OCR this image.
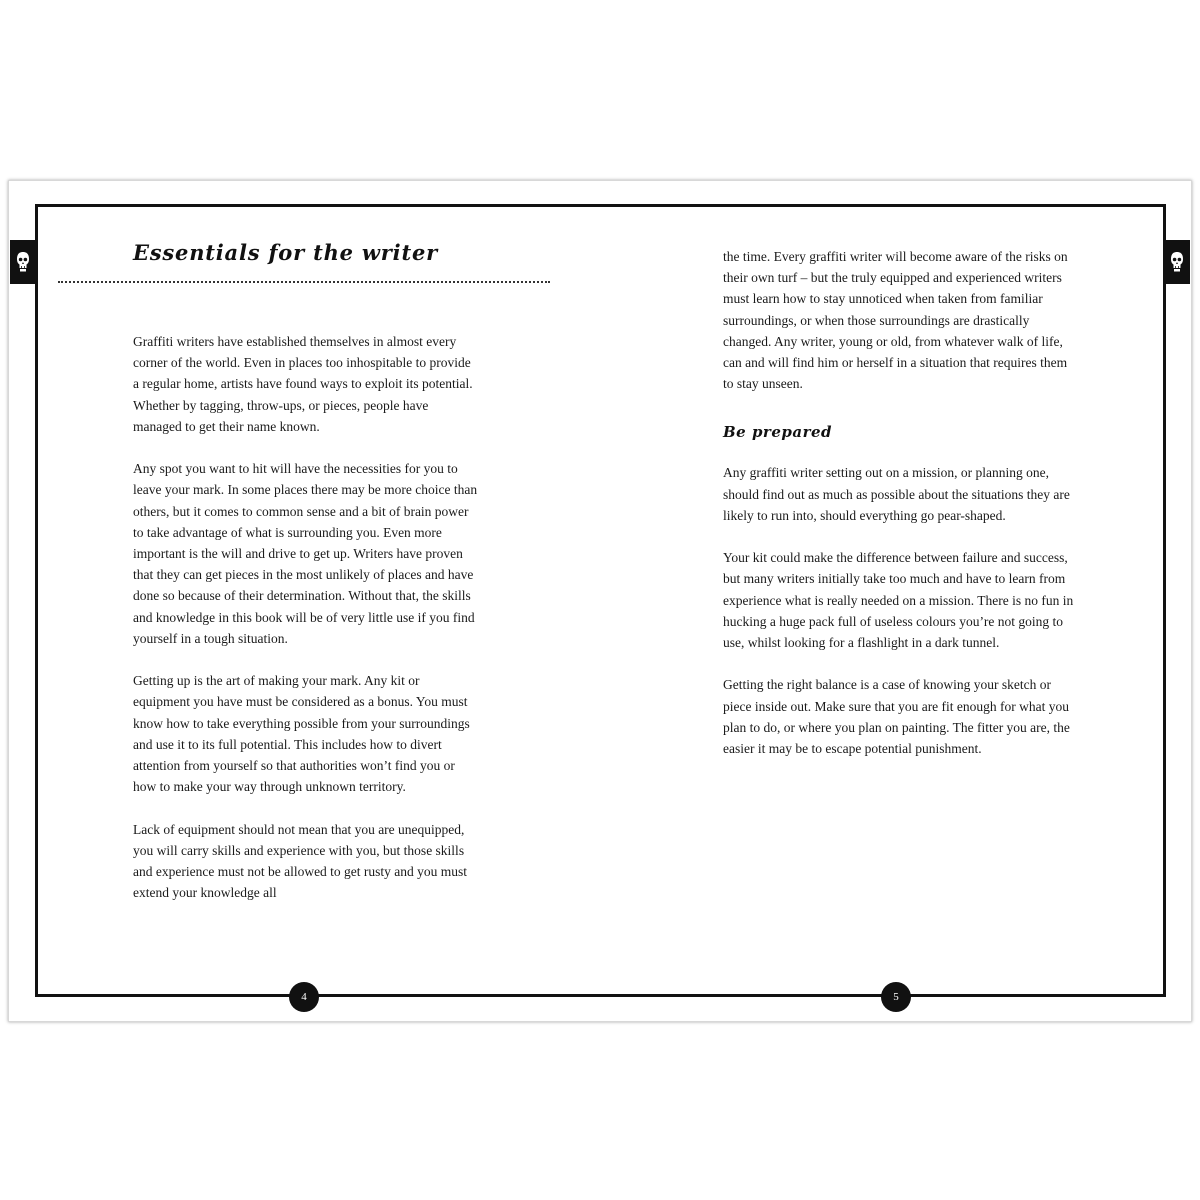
Essentials for the writer

Graffiti writers have established themselves in almost every corner of the world. Even in places too inhospitable to provide a regular home, artists have found ways to exploit its potential. Whether by tagging, throw-ups, or pieces, people have managed to get their name known.

Any spot you want to hit will have the necessities for you to leave your mark. In some places there may be more choice than others, but it comes to common sense and a bit of brain power to take advantage of what is surrounding you. Even more important is the will and drive to get up. Writers have proven that they can get pieces in the most unlikely of places and have done so because of their determination. Without that, the skills and knowledge in this book will be of very little use if you find yourself in a tough situation.

Getting up is the art of making your mark. Any kit or equipment you have must be considered as a bonus. You must know how to take everything possible from your surroundings and use it to its full potential. This includes how to divert attention from yourself so that authorities won’t find you or how to make your way through unknown territory.

Lack of equipment should not mean that you are unequipped, you will carry skills and experience with you, but those skills and experience must not be allowed to get rusty and you must extend your knowledge all

the time. Every graffiti writer will become aware of the risks on their own turf – but the truly equipped and experienced writers must learn how to stay unnoticed when taken from familiar surroundings, or when those surroundings are drastically changed. Any writer, young or old, from whatever walk of life, can and will find him or herself in a situation that requires them to stay unseen.

Be prepared

Any graffiti writer setting out on a mission, or planning one, should find out as much as possible about the situations they are likely to run into, should everything go pear-shaped.

Your kit could make the difference between failure and success, but many writers initially take too much and have to learn from experience what is really needed on a mission. There is no fun in hucking a huge pack full of useless colours you’re not going to use, whilst looking for a flashlight in a dark tunnel.

Getting the right balance is a case of knowing your sketch or piece inside out. Make sure that you are fit enough for what you plan to do, or where you plan on painting. The fitter you are, the easier it may be to escape potential punishment.

4	5
